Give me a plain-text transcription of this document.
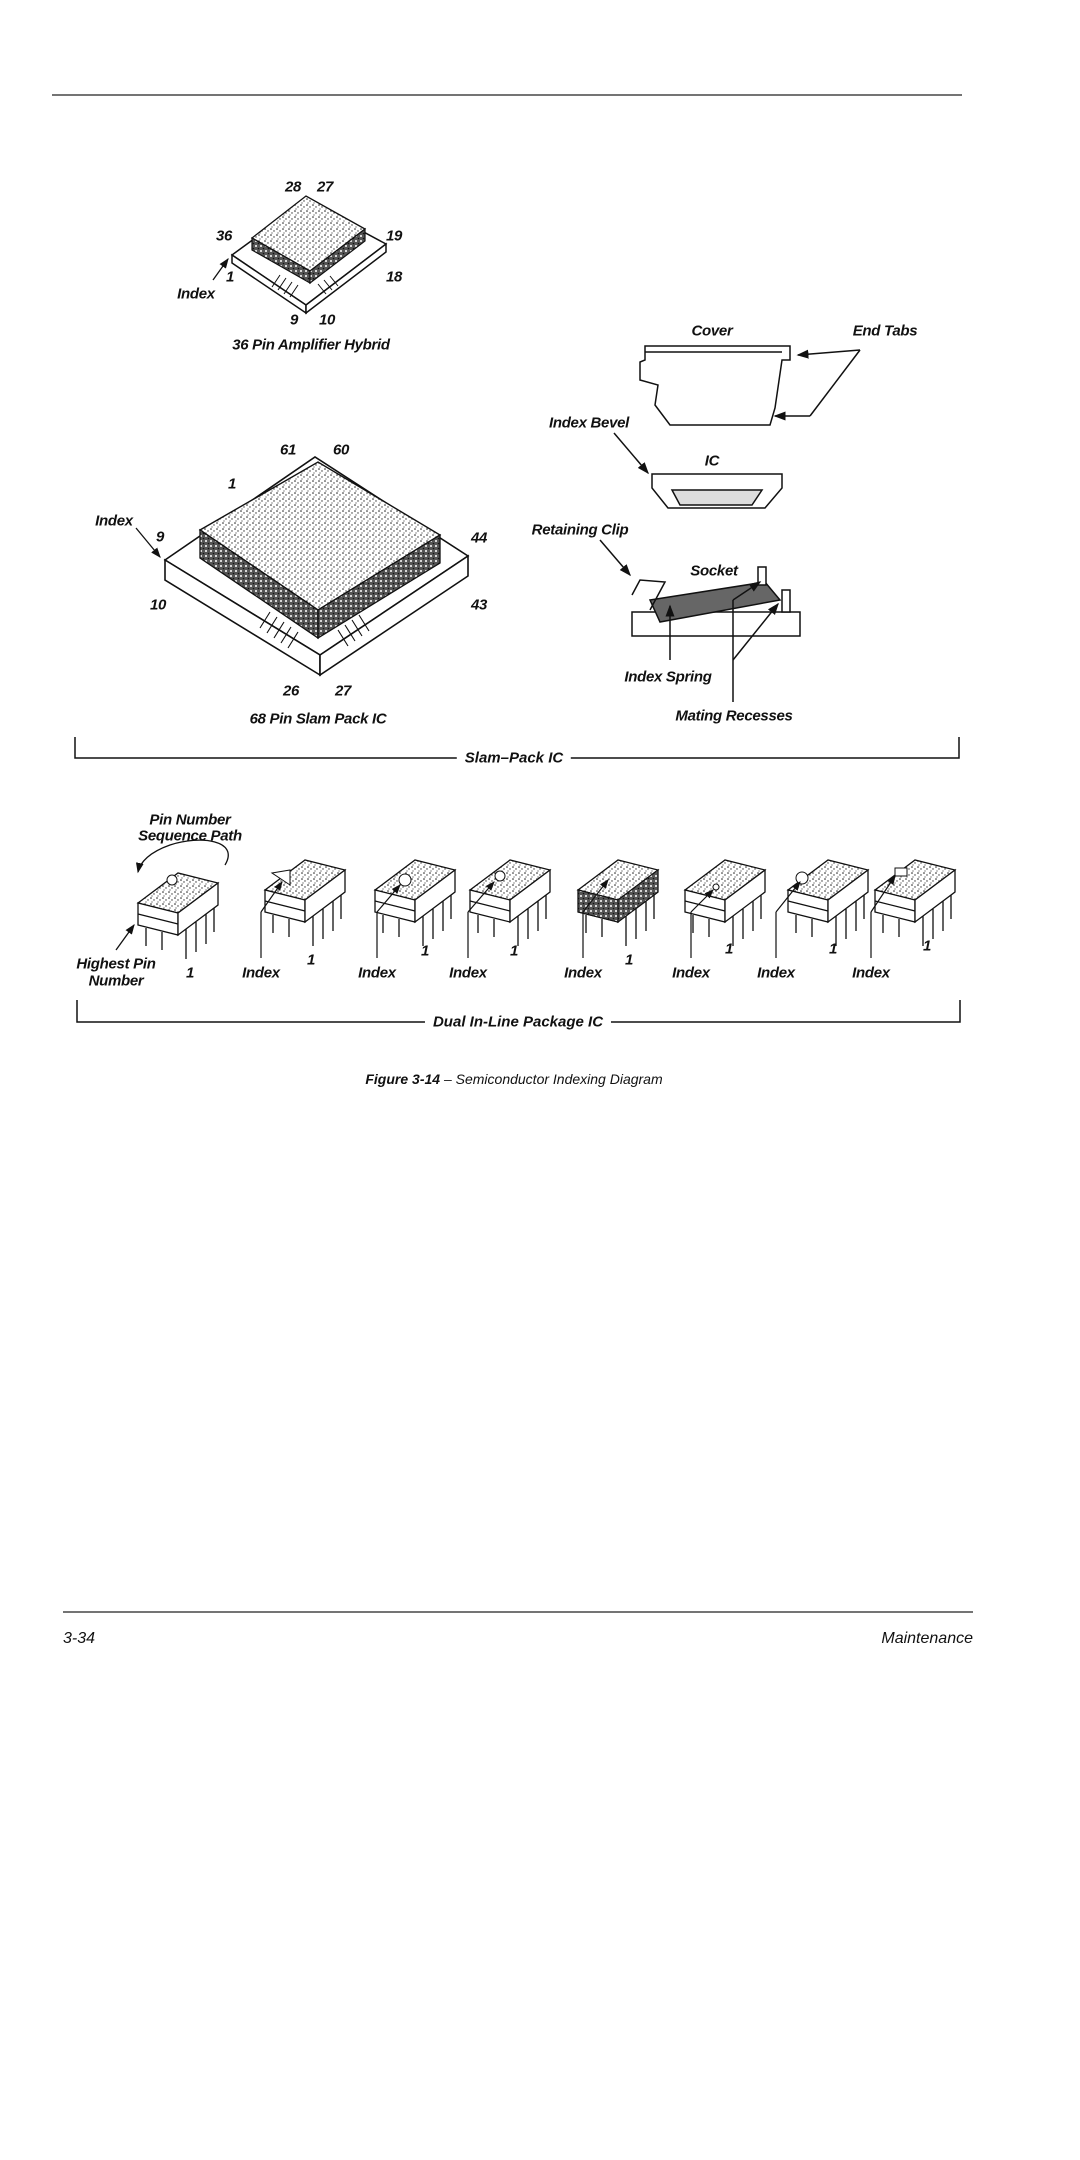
28 27
36	19
1	18
Index
9 10
36 Pin Amplifier Hybrid
61 60
1
Index
9	44
10	43
26 27
68 Pin Slam Pack IC
Cover	End Tabs
Index Bevel
IC
Retaining Clip
Socket
Index Spring
Mating Recesses
Slam–Pack IC
Pin Number
Sequence Path
Highest Pin
Number	1	Index
1
Index
1
Index
1
Index
1
Index
1
Index
1
Index
1
Dual In-Line Package IC
Figure 3-14 – Semiconductor Indexing Diagram
3-34	Maintenance
